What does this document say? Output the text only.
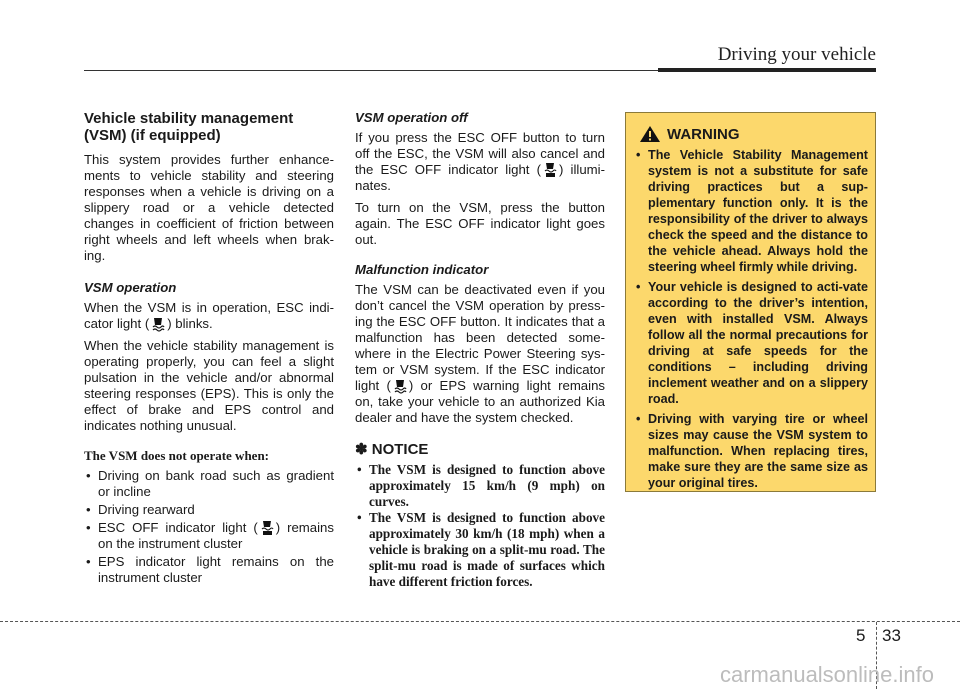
Driving your vehicle
Vehicle stability management (VSM) (if equipped)

This system provides further enhance-ments to vehicle stability and steering responses when a vehicle is driving on a slippery road or a vehicle detected changes in coefficient of friction between right wheels and left wheels when brak-ing.

VSM operation

When the VSM is in operation, ESC indi-cator light ( ) blinks.

When the vehicle stability management is operating properly, you can feel a slight pulsation in the vehicle and/or abnormal steering responses (EPS). This is only the effect of brake and EPS control and indicates nothing unusual.

The VSM does not operate when:
• Driving on bank road such as gradient or incline
• Driving rearward
• ESC OFF indicator light ( ) remains on the instrument cluster
• EPS indicator light remains on the instrument cluster
VSM operation off

If you press the ESC OFF button to turn off the ESC, the VSM will also cancel and the ESC OFF indicator light ( ) illumi-nates.

To turn on the VSM, press the button again. The ESC OFF indicator light goes out.

Malfunction indicator

The VSM can be deactivated even if you don’t cancel the VSM operation by press-ing the ESC OFF button. It indicates that a malfunction has been detected some-where in the Electric Power Steering sys-tem or VSM system. If the ESC indicator light ( ) or EPS warning light remains on, take your vehicle to an authorized Kia dealer and have the system checked.

✽ NOTICE
• The VSM is designed to function above approximately 15 km/h (9 mph) on curves.
• The VSM is designed to function above approximately 30 km/h (18 mph) when a vehicle is braking on a split-mu road. The split-mu road is made of surfaces which have different friction forces.
WARNING
• The Vehicle Stability Management system is not a substitute for safe driving practices but a sup-plementary function only. It is the responsibility of the driver to always check the speed and the distance to the vehicle ahead. Always hold the steering wheel firmly while driving.
• Your vehicle is designed to acti-vate according to the driver’s intention, even with installed VSM. Always follow all the normal precautions for driving at safe speeds for the conditions – including driving inclement weather and on a slippery road.
• Driving with varying tire or wheel sizes may cause the VSM system to malfunction. When replacing tires, make sure they are the same size as your original tires.
5 33
carmanualsonline.info
